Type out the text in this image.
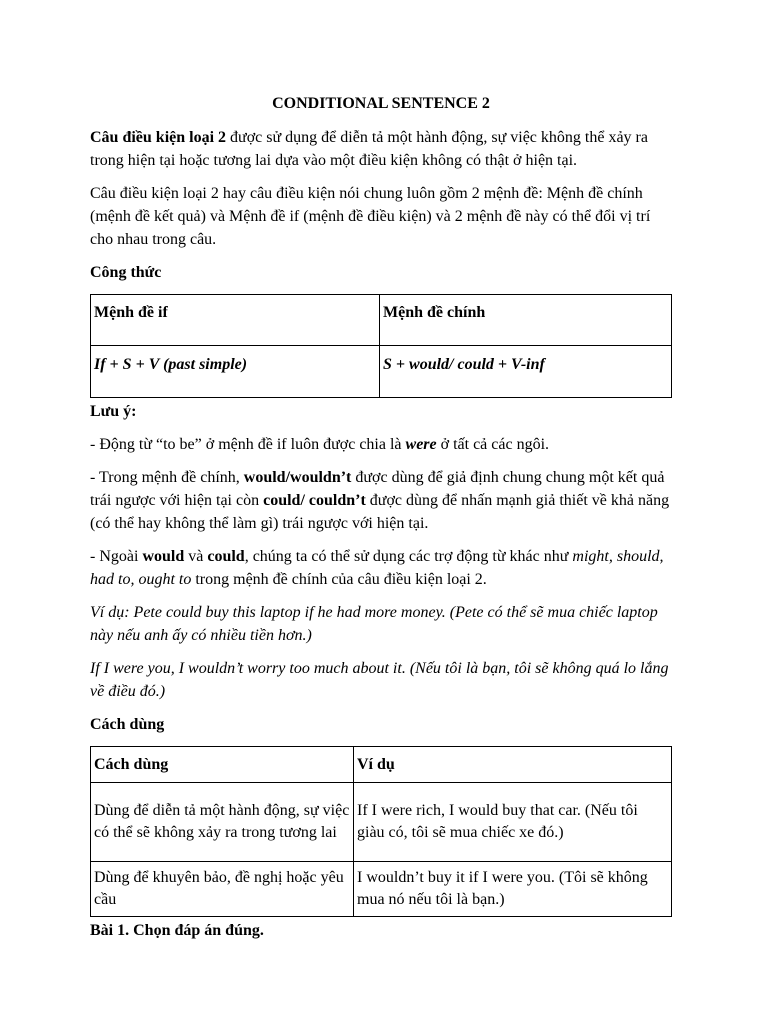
CONDITIONAL SENTENCE 2

Câu điều kiện loại 2 được sử dụng để diễn tả một hành động, sự việc không thể xảy ra trong hiện tại hoặc tương lai dựa vào một điều kiện không có thật ở hiện tại.

Câu điều kiện loại 2 hay câu điều kiện nói chung luôn gồm 2 mệnh đề: Mệnh đề chính (mệnh đề kết quả) và Mệnh đề if (mệnh đề điều kiện) và 2 mệnh đề này có thể đổi vị trí cho nhau trong câu.

Công thức

Mệnh đề if	Mệnh đề chính
If + S + V (past simple)	S + would/ could + V-inf

Lưu ý:

- Động từ “to be” ở mệnh đề if luôn được chia là were ở tất cả các ngôi.

- Trong mệnh đề chính, would/wouldn’t được dùng để giả định chung chung một kết quả trái ngược với hiện tại còn could/ couldn’t được dùng để nhấn mạnh giả thiết về khả năng (có thể hay không thể làm gì) trái ngược với hiện tại.

- Ngoài would và could, chúng ta có thể sử dụng các trợ động từ khác như might, should, had to, ought to trong mệnh đề chính của câu điều kiện loại 2.

Ví dụ: Pete could buy this laptop if he had more money. (Pete có thể sẽ mua chiếc laptop này nếu anh ấy có nhiều tiền hơn.)

If I were you, I wouldn’t worry too much about it. (Nếu tôi là bạn, tôi sẽ không quá lo lắng về điều đó.)

Cách dùng

Cách dùng	Ví dụ
Dùng để diễn tả một hành động, sự việc có thể sẽ không xảy ra trong tương lai	If I were rich, I would buy that car. (Nếu tôi giàu có, tôi sẽ mua chiếc xe đó.)
Dùng để khuyên bảo, đề nghị hoặc yêu cầu	I wouldn’t buy it if I were you. (Tôi sẽ không mua nó nếu tôi là bạn.)

Bài 1. Chọn đáp án đúng.
